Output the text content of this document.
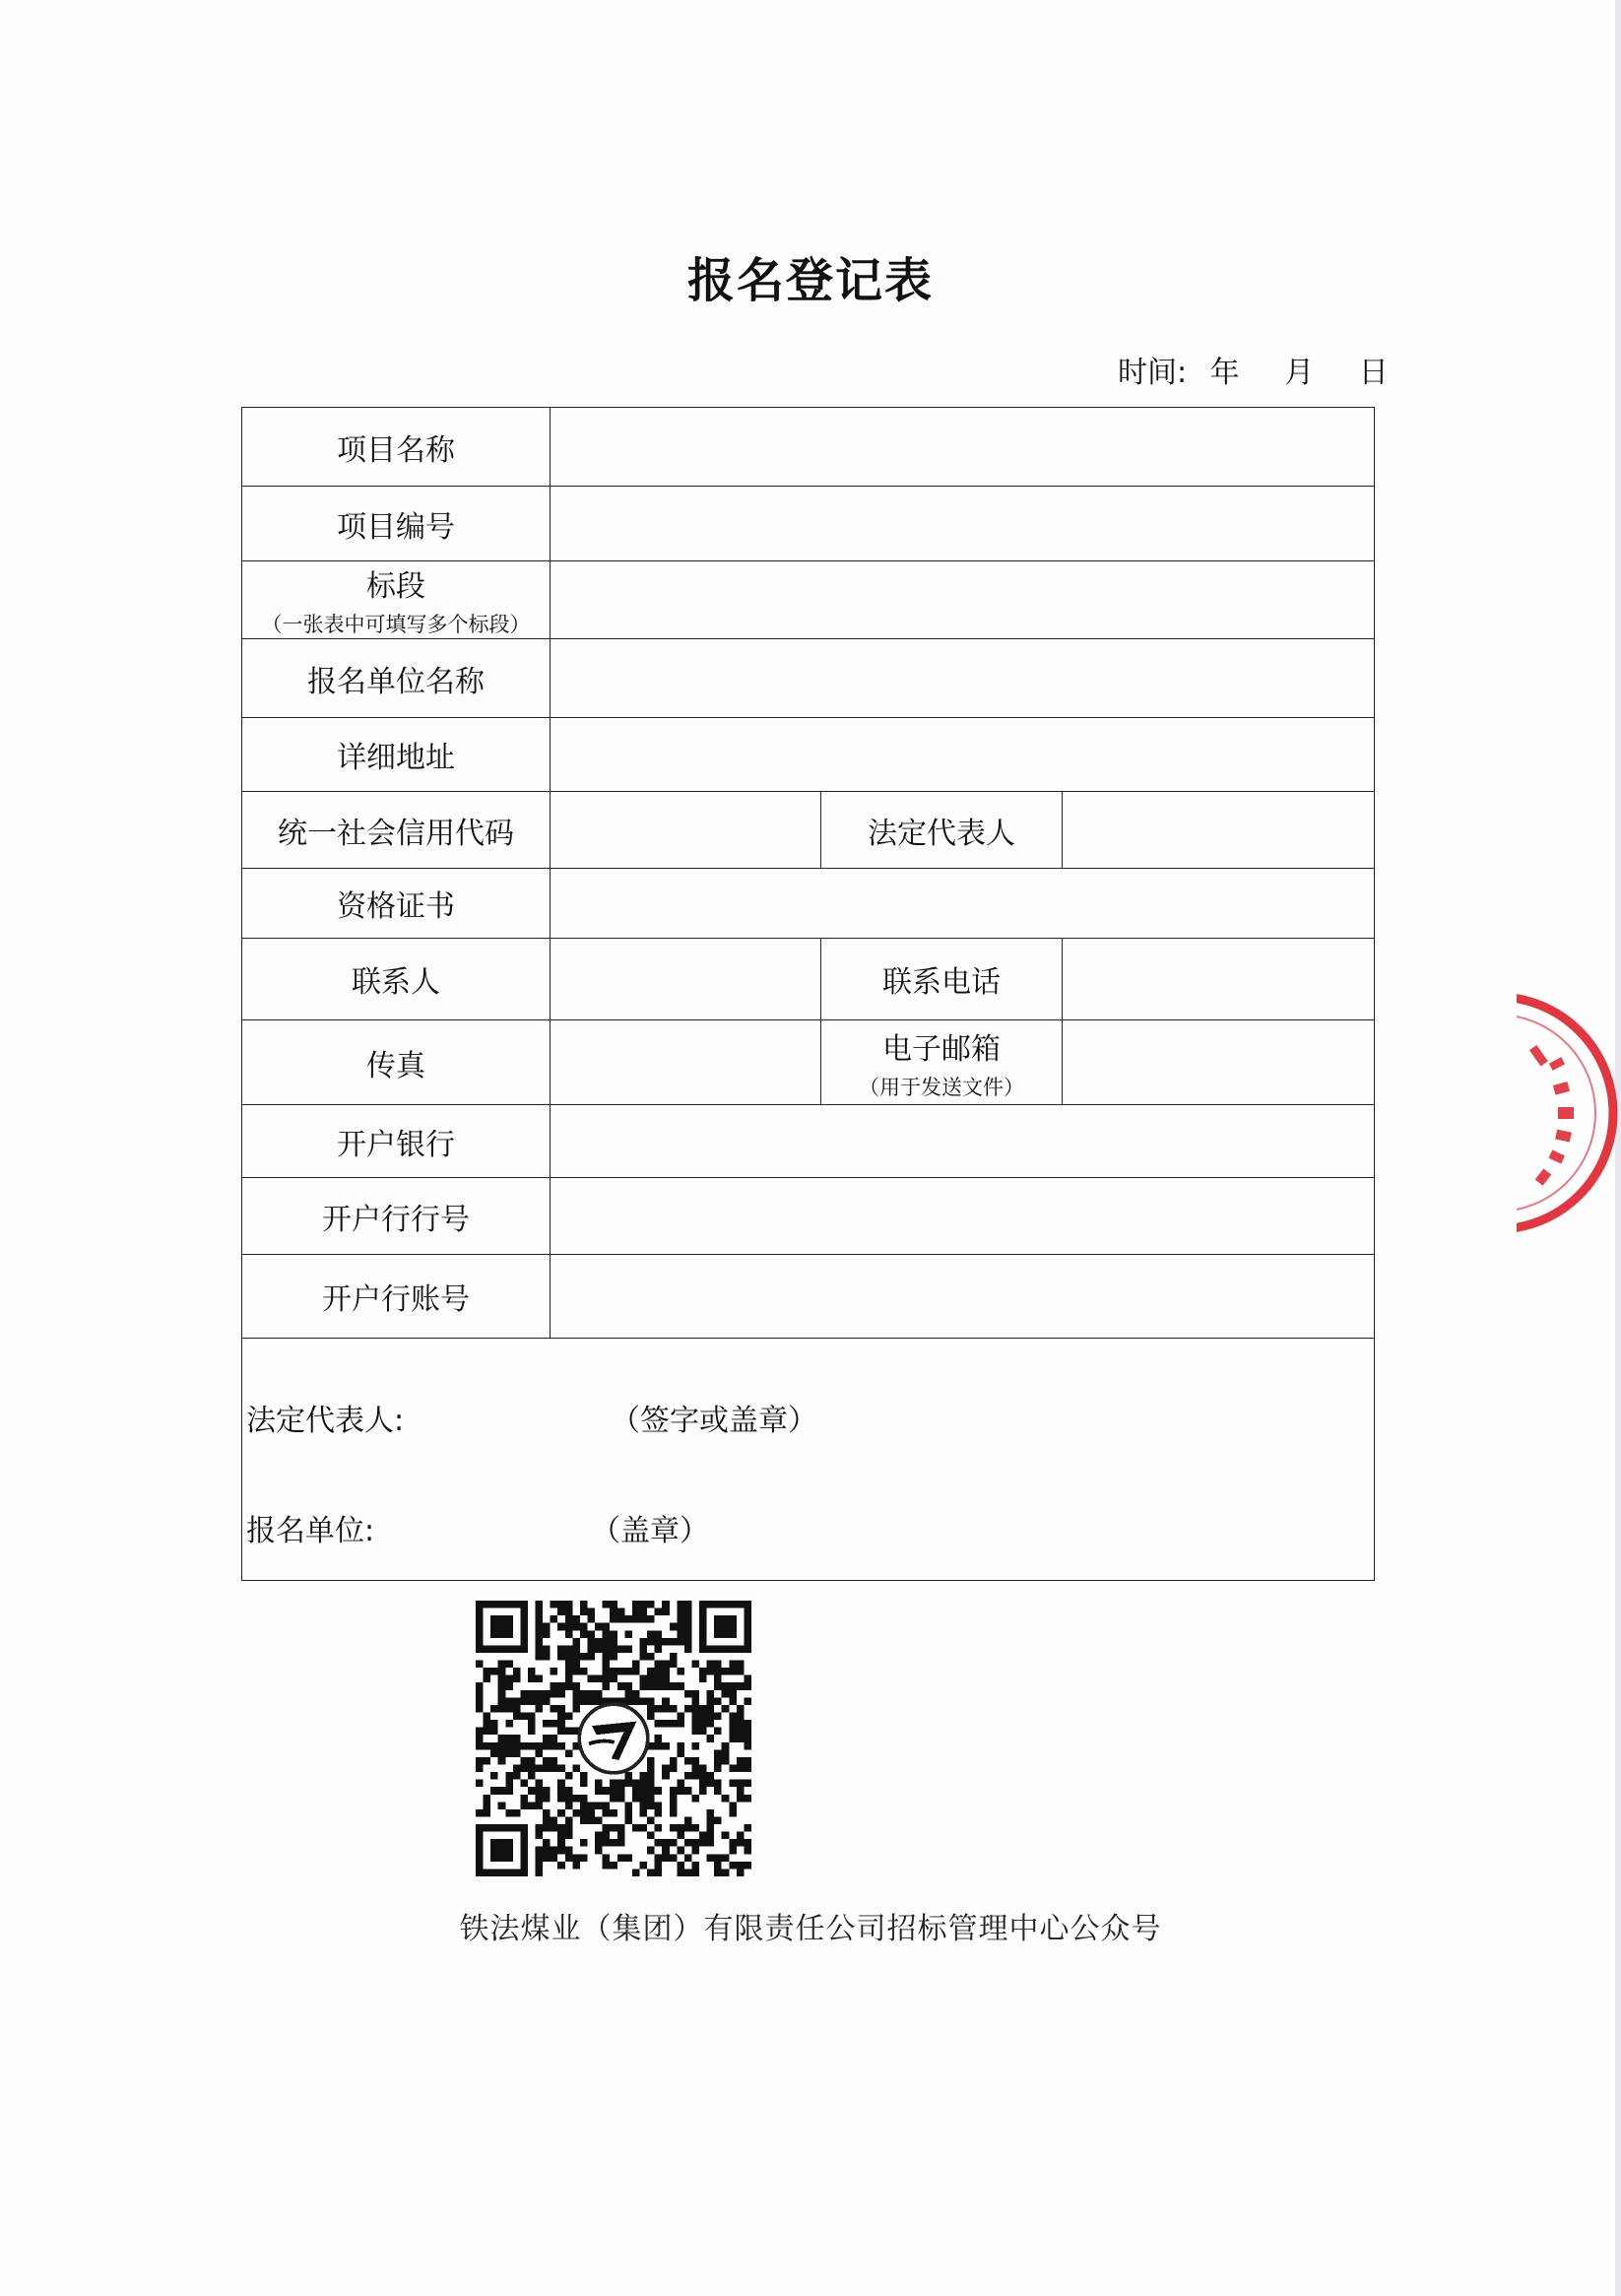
报名登记表
时间: 年 月 日
项目名称			
项目编号			
标段
（一张表中可填写多个标段）			

报名单位名称			
详细地址			
统一社会信用代码		法定代表人	
资格证书			
联系人		联系电话	
传真		电子邮箱
（用于发送文件）	

开户银行			
开户行行号			
开户行账号			

法定代表人: （签字或盖章）
报名单位: （盖章）			
铁法煤业（集团）有限责任公司招标管理中心公众号
